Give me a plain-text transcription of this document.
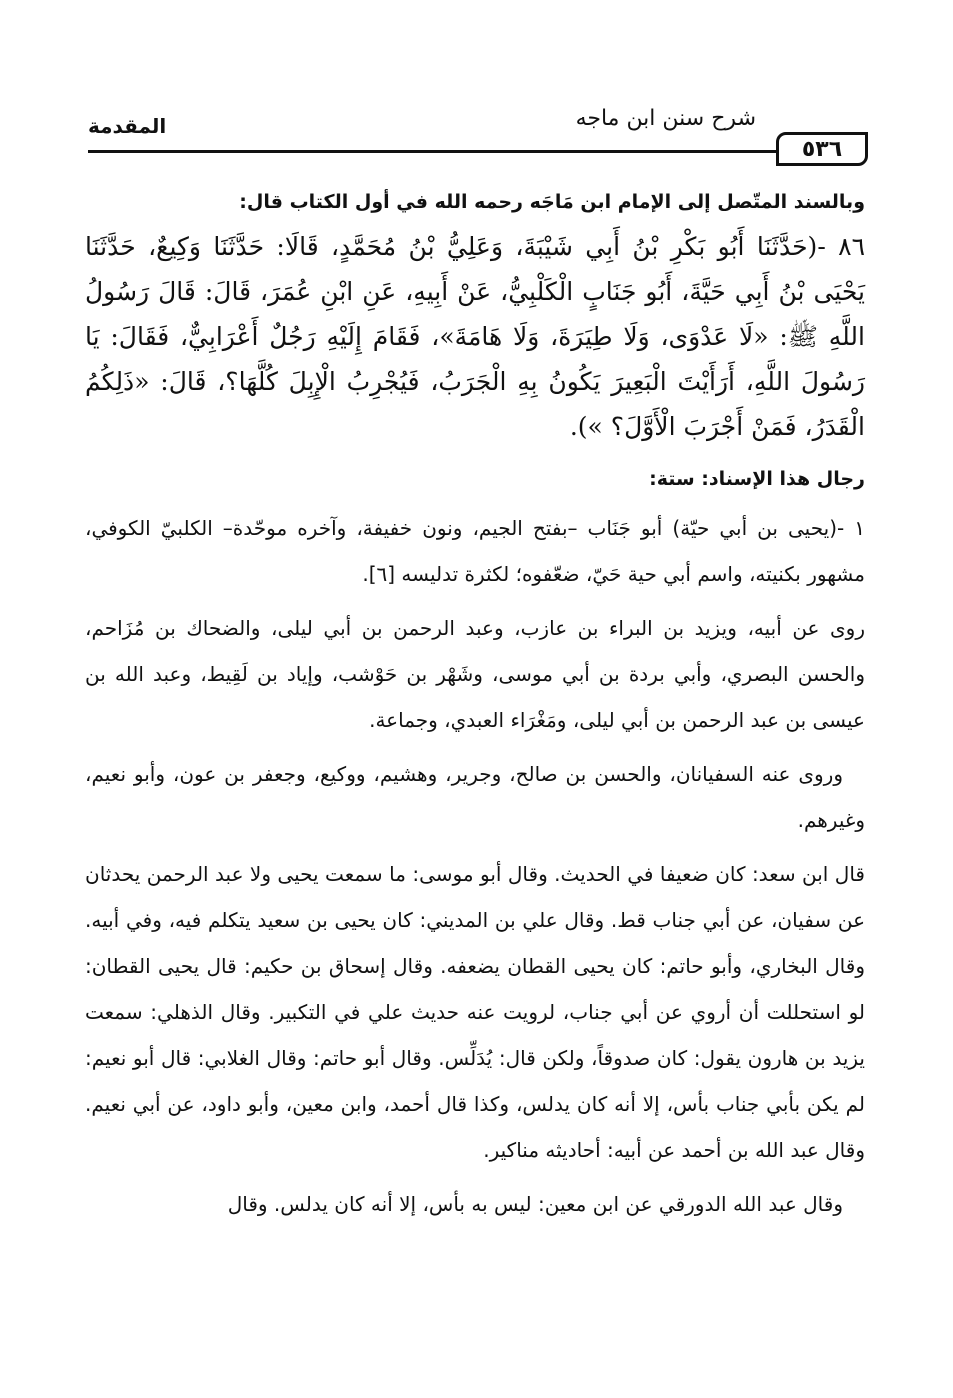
٥٣٦
شرح سنن ابن ماجه
المقدمة

وبالسند المتّصل إلى الإمام ابن مَاجَه رحمه الله في أول الكتاب قال:

٨٦ -(حَدَّثَنَا أَبُو بَكْرِ بْنُ أَبِي شَيْبَةَ، وَعَلِيُّ بْنُ مُحَمَّدٍ، قَالَا: حَدَّثَنَا وَكِيعٌ، حَدَّثَنَا يَحْيَى بْنُ أَبِي حَيَّةَ، أَبُو جَنَابٍ الْكَلْبِيُّ، عَنْ أَبِيهِ، عَنِ ابْنِ عُمَرَ، قَالَ: قَالَ رَسُولُ اللَّهِ ﷺ: «لَا عَدْوَى، وَلَا طِيَرَةَ، وَلَا هَامَةَ»، فَقَامَ إِلَيْهِ رَجُلٌ أَعْرَابِيٌّ، فَقَالَ: يَا رَسُولَ اللَّهِ، أَرَأَيْتَ الْبَعِيرَ يَكُونُ بِهِ الْجَرَبُ، فَيُجْرِبُ الْإِبِلَ كُلَّهَا؟، قَالَ: «ذَلِكُمُ الْقَدَرُ، فَمَنْ أَجْرَبَ الْأَوَّلَ؟ »).

رجال هذا الإسناد: ستة:

١ -(يحيى بن أبي حيّة) أبو جَنَاب –بفتح الجيم، ونون خفيفة، وآخره موحّدة– الكلبيّ الكوفي، مشهور بكنيته، واسم أبي حية حَيّ، ضعّفوه؛ لكثرة تدليسه [٦].

روى عن أبيه، ويزيد بن البراء بن عازب، وعبد الرحمن بن أبي ليلى، والضحاك بن مُزَاحم، والحسن البصري، وأبي بردة بن أبي موسى، وشَهْر بن حَوْشب، وإياد بن لَقِيط، وعبد الله بن عيسى بن عبد الرحمن بن أبي ليلى، ومَغْرَاء العبدي، وجماعة.

وروى عنه السفيانان، والحسن بن صالح، وجرير، وهشيم، ووكيع، وجعفر بن عون، وأبو نعيم، وغيرهم.

قال ابن سعد: كان ضعيفا في الحديث. وقال أبو موسى: ما سمعت يحيى ولا عبد الرحمن يحدثان عن سفيان، عن أبي جناب قط. وقال علي بن المديني: كان يحيى بن سعيد يتكلم فيه، وفي أبيه. وقال البخاري، وأبو حاتم: كان يحيى القطان يضعفه. وقال إسحاق بن حكيم: قال يحيى القطان: لو استحللت أن أروي عن أبي جناب، لرويت عنه حديث علي في التكبير. وقال الذهلي: سمعت يزيد بن هارون يقول: كان صدوقاً، ولكن قال: يُدَلِّس. وقال أبو حاتم: وقال الغلابي: قال أبو نعيم: لم يكن بأبي جناب بأس، إلا أنه كان يدلس، وكذا قال أحمد، وابن معين، وأبو داود، عن أبي نعيم. وقال عبد الله بن أحمد عن أبيه: أحاديثه مناكير.

وقال عبد الله الدورقي عن ابن معين: ليس به بأس، إلا أنه كان يدلس. وقال
